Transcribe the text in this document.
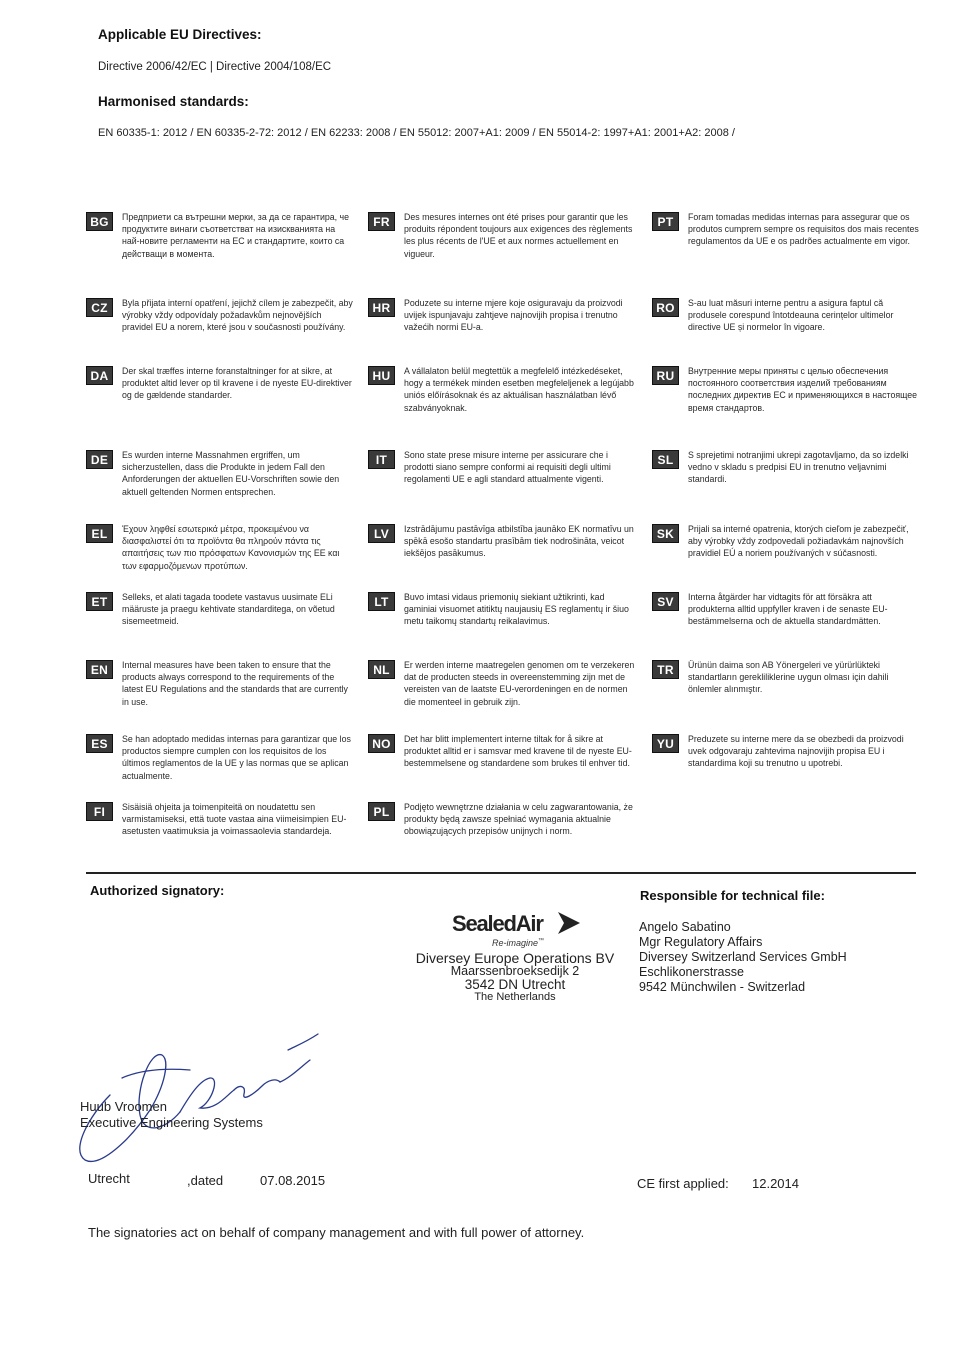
Applicable EU Directives:
Directive 2006/42/EC | Directive 2004/108/EC
Harmonised standards:
EN 60335-1: 2012 / EN 60335-2-72: 2012 / EN 62233: 2008 / EN 55012: 2007+A1: 2009 / EN 55014-2: 1997+A1: 2001+A2: 2008 /
BG	Предприети са вътрешни мерки, за да се гарантира, че продуктите винаги съответстват на изискванията на най-новите регламенти на ЕС и стандартите, които са действащи в момента.
FR	Des mesures internes ont été prises pour garantir que les produits répondent toujours aux exigences des règlements les plus récents de l'UE et aux normes actuellement en vigueur.
PT	Foram tomadas medidas internas para assegurar que os produtos cumprem sempre os requisitos dos mais recentes regulamentos da UE e os padrões actualmente em vigor.
CZ	Byla přijata interní opatření, jejichž cílem je zabezpečit, aby výrobky vždy odpovídaly požadavkům nejnovějších pravidel EU a norem, které jsou v současnosti používány.
HR	Poduzete su interne mjere koje osiguravaju da proizvodi uvijek ispunjavaju zahtjeve najnovijih propisa i trenutno važećih normi EU-a.
RO	S-au luat măsuri interne pentru a asigura faptul că produsele corespund întotdeauna cerințelor ultimelor directive UE și normelor în vigoare.
DA	Der skal træffes interne foranstaltninger for at sikre, at produktet altid lever op til kravene i de nyeste EU-direktiver og de gældende standarder.
HU	A vállalaton belül megtettük a megfelelő intézkedéseket, hogy a termékek minden esetben megfeleljenek a legújabb uniós előírásoknak és az aktuálisan használatban lévő szabványoknak.
RU	Внутренние меры приняты с целью обеспечения постоянного соответствия изделий требованиям последних директив ЕС и применяющихся в настоящее время стандартов.
DE	Es wurden interne Massnahmen ergriffen, um sicherzustellen, dass die Produkte in jedem Fall den Anforderungen der aktuellen EU-Vorschriften sowie den aktuell geltenden Normen entsprechen.
IT	Sono state prese misure interne per assicurare che i prodotti siano sempre conformi ai requisiti degli ultimi regolamenti UE e agli standard attualmente vigenti.
SL	S sprejetimi notranjimi ukrepi zagotavljamo, da so izdelki vedno v skladu s predpisi EU in trenutno veljavnimi standardi.
EL	Έχουν ληφθεί εσωτερικά μέτρα, προκειμένου να διασφαλιστεί ότι τα προϊόντα θα πληρούν πάντα τις απαιτήσεις των πιο πρόσφατων Κανονισμών της ΕΕ και των εφαρμοζόμενων προτύπων.
LV	Izstrādājumu pastāvīga atbilstība jaunāko EK normatīvu un spēkā esošo standartu prasībām tiek nodrošināta, veicot iekšējos pasākumus.
SK	Prijali sa interné opatrenia, ktorých cieľom je zabezpečiť, aby výrobky vždy zodpovedali požiadavkám najnovších pravidiel EÚ a noriem používaných v súčasnosti.
ET	Selleks, et alati tagada toodete vastavus uusimate ELi määruste ja praegu kehtivate standarditega, on võetud sisemeetmeid.
LT	Buvo imtasi vidaus priemonių siekiant užtikrinti, kad gaminiai visuomet atitiktų naujausių ES reglamentų ir šiuo metu taikomų standartų reikalavimus.
SV	Interna åtgärder har vidtagits för att försäkra att produkterna alltid uppfyller kraven i de senaste EU-bestämmelserna och de aktuella standardmätten.
EN	Internal measures have been taken to ensure that the products always correspond to the requirements of the latest EU Regulations and the standards that are currently in use.
NL	Er werden interne maatregelen genomen om te verzekeren dat de producten steeds in overeenstemming zijn met de vereisten van de laatste EU-verordeningen en de normen die momenteel in gebruik zijn.
TR	Ürünün daima son AB Yönergeleri ve yürürlükteki standartların gerekliliklerine uygun olması için dahili önlemler alınmıştır.
ES	Se han adoptado medidas internas para garantizar que los productos siempre cumplen con los requisitos de los últimos reglamentos de la UE y las normas que se aplican actualmente.
NO	Det har blitt implementert interne tiltak for å sikre at produktet alltid er i samsvar med kravene til de nyeste EU-bestemmelsene og standardene som brukes til enhver tid.
YU	Preduzete su interne mere da se obezbedi da proizvodi uvek odgovaraju zahtevima najnovijih propisa EU i standardima koji su trenutno u upotrebi.
FI	Sisäisiä ohjeita ja toimenpiteitä on noudatettu sen varmistamiseksi, että tuote vastaa aina viimeisimpien EU-asetusten vaatimuksia ja voimassaolevia standardeja.
PL	Podjęto wewnętrzne działania w celu zagwarantowania, że produkty będą zawsze spełniać wymagania aktualnie obowiązujących przepisów unijnych i norm.
Authorized signatory:	Responsible for technical file:
SealedAir
Re-imagine™
Diversey Europe Operations BV
Maarssenbroeksedijk 2
3542 DN Utrecht
The Netherlands
Angelo Sabatino
Mgr Regulatory Affairs
Diversey Switzerland Services GmbH
Eschlikonerstrasse
9542 Münchwilen - Switzerlad
Huub Vroomen
Executive Engineering Systems
Utrecht	,dated	07.08.2015	CE first applied: 12.2014
The signatories act on behalf of company management and with full power of attorney.
